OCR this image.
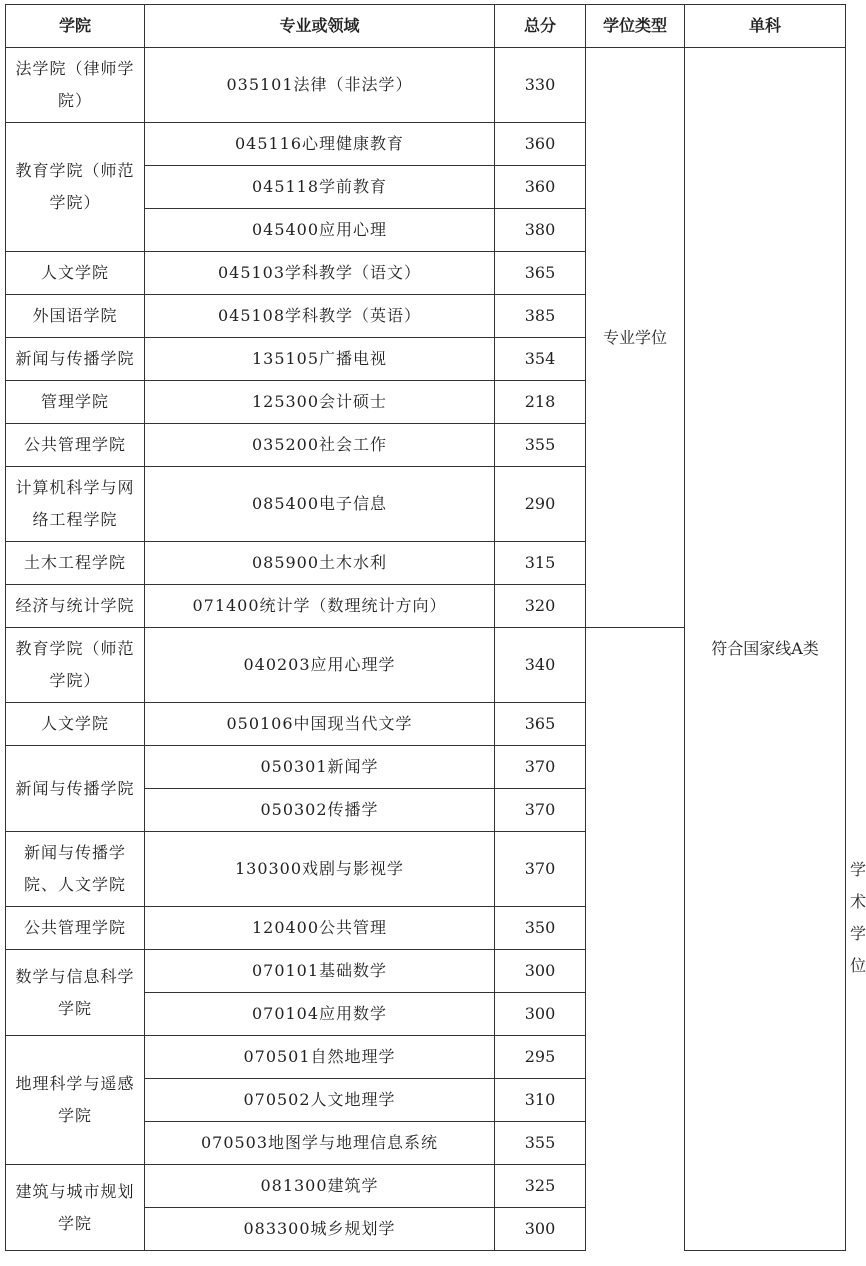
学院	专业或领域	总分	学位类型	单科	
法学院（律师学院）	035101法律（非法学）	330	专业学位	符合国家线A类	
教育学院（师范学院）	045116心理健康教育	360			
	045118学前教育	360			
	045400应用心理	380			
人文学院	045103学科教学（语文）	365			
外国语学院	045108学科教学（英语）	385			
新闻与传播学院	135105广播电视	354			
管理学院	125300会计硕士	218			
公共管理学院	035200社会工作	355			
计算机科学与网络工程学院	085400电子信息	290			
土木工程学院	085900土木水利	315			
经济与统计学院	071400统计学（数理统计方向）	320			学术学位
教育学院（师范学院）	040203应用心理学	340			
人文学院	050106中国现当代文学	365			
新闻与传播学院	050301新闻学	370			
	050302传播学	370			
新闻与传播学院、人文学院	130300戏剧与影视学	370			
公共管理学院	120400公共管理	350			
数学与信息科学学院	070101基础数学	300			
	070104应用数学	300			
地理科学与遥感学院	070501自然地理学	295			
	070502人文地理学	310			
	070503地图学与地理信息系统	355			
建筑与城市规划学院	081300建筑学	325			
	083300城乡规划学	300			
